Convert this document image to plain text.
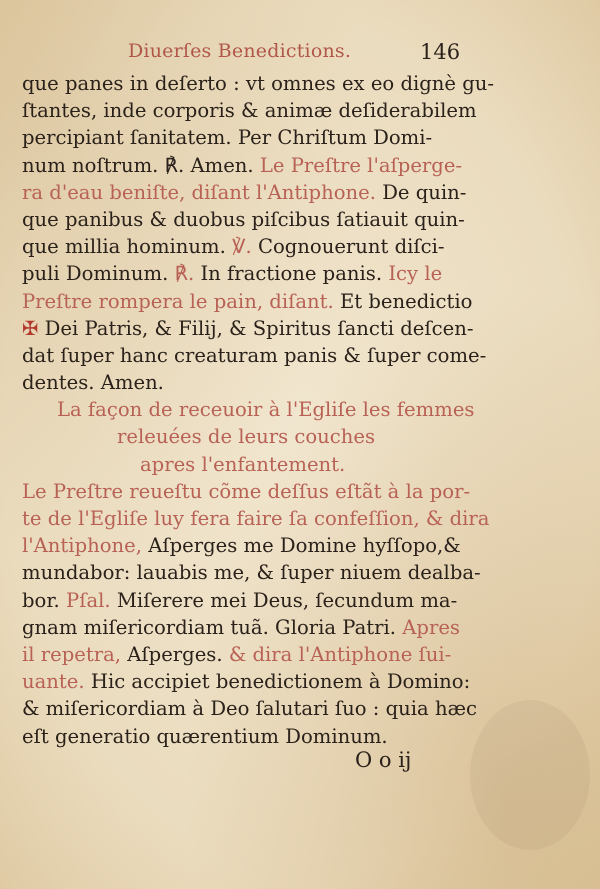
Diuerſes Benedictions.	146
que panes in deſerto : vt omnes ex eo dignè gu-
ſtantes, inde corporis & animæ deſiderabilem
percipiant ſanitatem. Per Chriſtum Domi-
num noſtrum. ℟. Amen. Le Preſtre l'aſperge-
ra d'eau beniſte, diſant l'Antiphone. De quin-
que panibus & duobus piſcibus ſatiauit quin-
que millia hominum. ℣. Cognouerunt diſci-
puli Dominum. ℟. In fractione panis. Icy le
Preſtre rompera le pain, diſant. Et benedictio
✠ Dei Patris, & Filij, & Spiritus ſancti deſcen-
dat ſuper hanc creaturam panis & ſuper come-
dentes. Amen.
La façon de receuoir à l'Egliſe les femmes
releuées de leurs couches
apres l'enfantement.
Le Preſtre reueſtu cõme deſſus eſtãt à la por-
te de l'Egliſe luy fera faire ſa confeſſion, & dira
l'Antiphone, Aſperges me Domine hyſſopo,&
mundabor: lauabis me, & ſuper niuem dealba-
bor. Pſal. Miſerere mei Deus, ſecundum ma-
gnam miſericordiam tuã. Gloria Patri. Apres
il repetra, Aſperges. & dira l'Antiphone ſui-
uante. Hic accipiet benedictionem à Domino:
& miſericordiam à Deo ſalutari ſuo : quia hæc
eſt generatio quærentium Dominum.
O o ij
